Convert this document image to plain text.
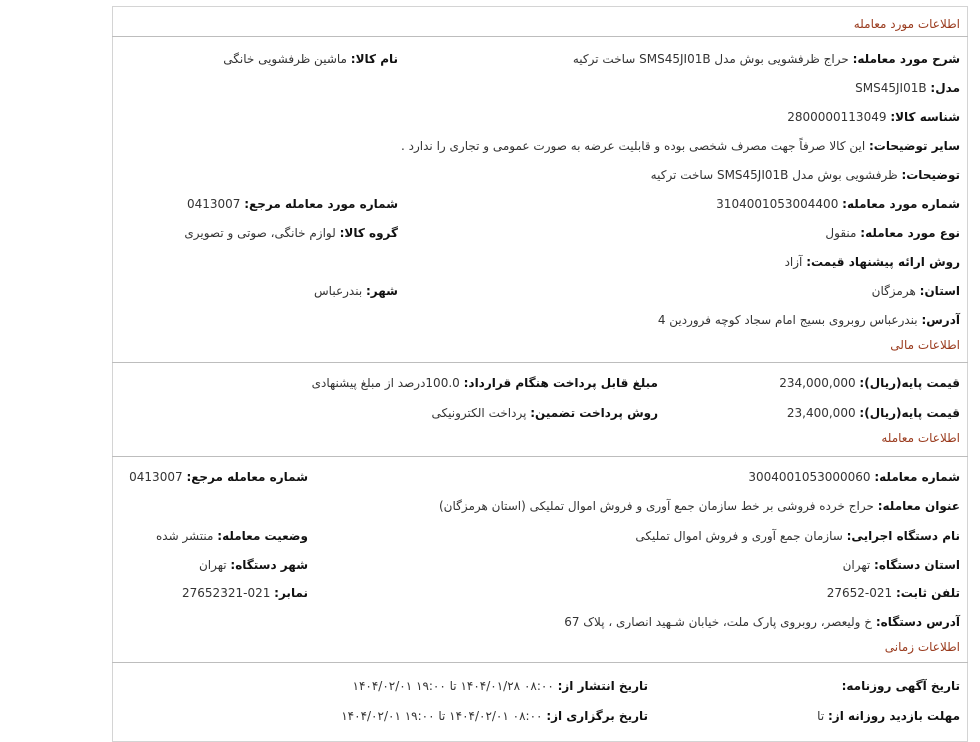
اطلاعات مورد معامله
شرح مورد معامله: حراج ظرفشویی بوش مدل SMS45JI01B ساخت ترکیه
نام کالا: ماشین ظرفشویی خانگی
مدل: SMS45JI01B
شناسه کالا: 2800000113049
سایر توضیحات: این کالا صرفاً جهت مصرف شخصی بوده و قابلیت عرضه به صورت عمومی و تجاری را ندارد .
توضیحات: ظرفشویی بوش مدل SMS45JI01B ساخت ترکیه
شماره مورد معامله: 3104001053004400
شماره مورد معامله مرجع: 0413007
نوع مورد معامله: منقول
گروه کالا: لوازم خانگی، صوتی و تصویری
روش ارائه پیشنهاد قیمت: آزاد
استان: هرمزگان
شهر: بندرعباس
آدرس: بندرعباس روبروی بسیج امام سجاد کوچه فروردین 4
اطلاعات مالی
قیمت پایه(ریال): 234,000,000
مبلغ قابل پرداخت هنگام قرارداد: 100.0درصد از مبلغ پیشنهادی
قیمت پایه(ریال): 23,400,000
روش پرداخت تضمین: پرداخت الکترونیکی
اطلاعات معامله
شماره معامله: 3004001053000060
شماره معامله مرجع: 0413007
عنوان معامله: حراج خرده فروشی بر خط سازمان جمع آوری و فروش اموال تملیکی (استان هرمزگان)
نام دستگاه اجرایی: سازمان جمع آوری و فروش اموال تملیکی
وضعیت معامله: منتشر شده
استان دستگاه: تهران
شهر دستگاه: تهران
تلفن ثابت: 021-27652
نمابر: 021-27652321
آدرس دستگاه: خ ولیعصر، روبروی پارک ملت، خیابان شـهید انصاری ، پلاک 67
اطلاعات زمانی
تاریخ آگهی روزنامه:
تاریخ انتشار از: ۰۸:۰۰ ۱۴۰۴/۰۱/۲۸ تا ۱۹:۰۰ ۱۴۰۴/۰۲/۰۱
مهلت بازدید روزانه از: تا
تاریخ برگزاری از: ۰۸:۰۰ ۱۴۰۴/۰۲/۰۱ تا ۱۹:۰۰ ۱۴۰۴/۰۲/۰۱
